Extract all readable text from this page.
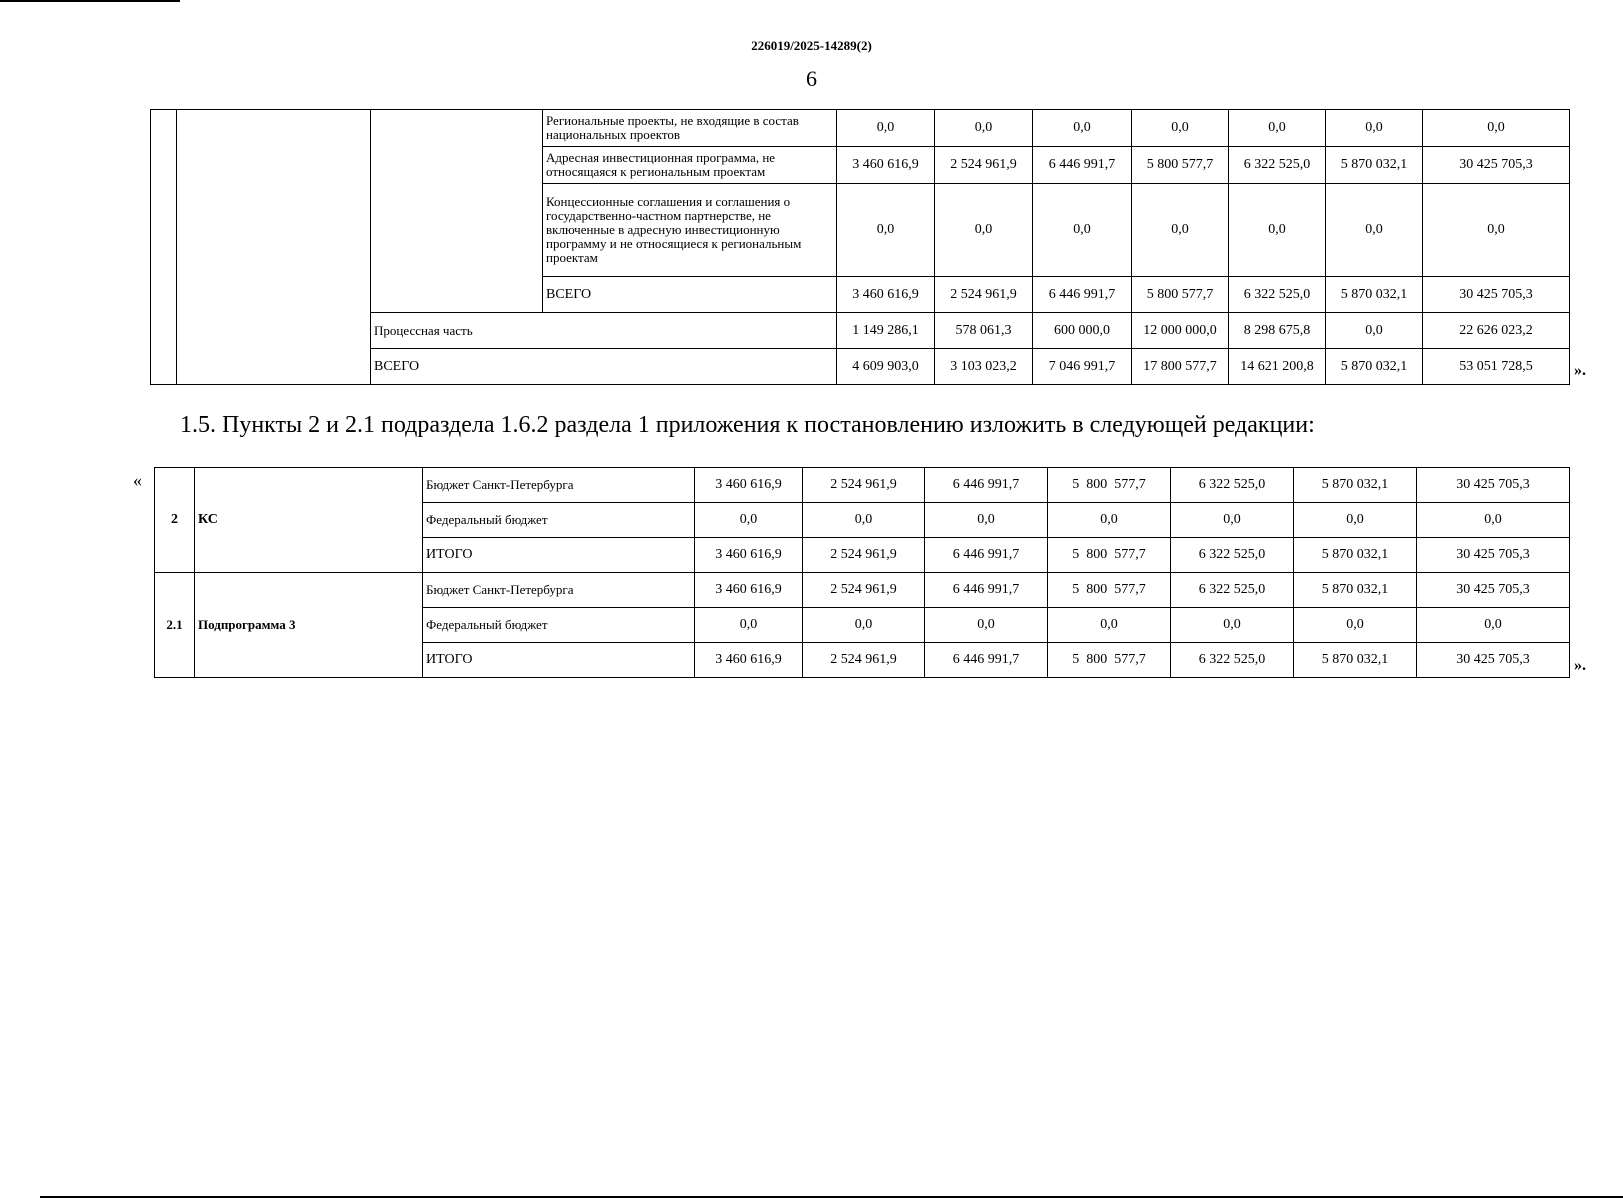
226019/2025-14289(2)
6
			Региональные проекты, не входящие в состав национальных проектов	0,0	0,0	0,0	0,0	0,0	0,0	0,0
			Адресная инвестиционная программа, не относящаяся к региональным проектам	3 460 616,9	2 524 961,9	6 446 991,7	5 800 577,7	6 322 525,0	5 870 032,1	30 425 705,3
			Концессионные соглашения и соглашения о государственно-частном партнерстве, не включенные в адресную инвестиционную программу и не относящиеся к региональным проектам	0,0	0,0	0,0	0,0	0,0	0,0	0,0
			ВСЕГО	3 460 616,9	2 524 961,9	6 446 991,7	5 800 577,7	6 322 525,0	5 870 032,1	30 425 705,3
		Процессная часть		1 149 286,1	578 061,3	600 000,0	12 000 000,0	8 298 675,8	0,0	22 626 023,2
		ВСЕГО		4 609 903,0	3 103 023,2	7 046 991,7	17 800 577,7	14 621 200,8	5 870 032,1	53 051 728,5	».
1.5. Пункты 2 и 2.1 подраздела 1.6.2 раздела 1 приложения к постановлению изложить в следующей редакции:
«
2	КС	Бюджет Санкт-Петербурга	3 460 616,9	2 524 961,9	6 446 991,7	5  800  577,7	6 322 525,0	5 870 032,1	30 425 705,3
		Федеральный бюджет	0,0	0,0	0,0	0,0	0,0	0,0	0,0
		ИТОГО	3 460 616,9	2 524 961,9	6 446 991,7	5  800  577,7	6 322 525,0	5 870 032,1	30 425 705,3
2.1	Подпрограмма 3	Бюджет Санкт-Петербурга	3 460 616,9	2 524 961,9	6 446 991,7	5  800  577,7	6 322 525,0	5 870 032,1	30 425 705,3
		Федеральный бюджет	0,0	0,0	0,0	0,0	0,0	0,0	0,0
		ИТОГО	3 460 616,9	2 524 961,9	6 446 991,7	5  800  577,7	6 322 525,0	5 870 032,1	30 425 705,3	».
